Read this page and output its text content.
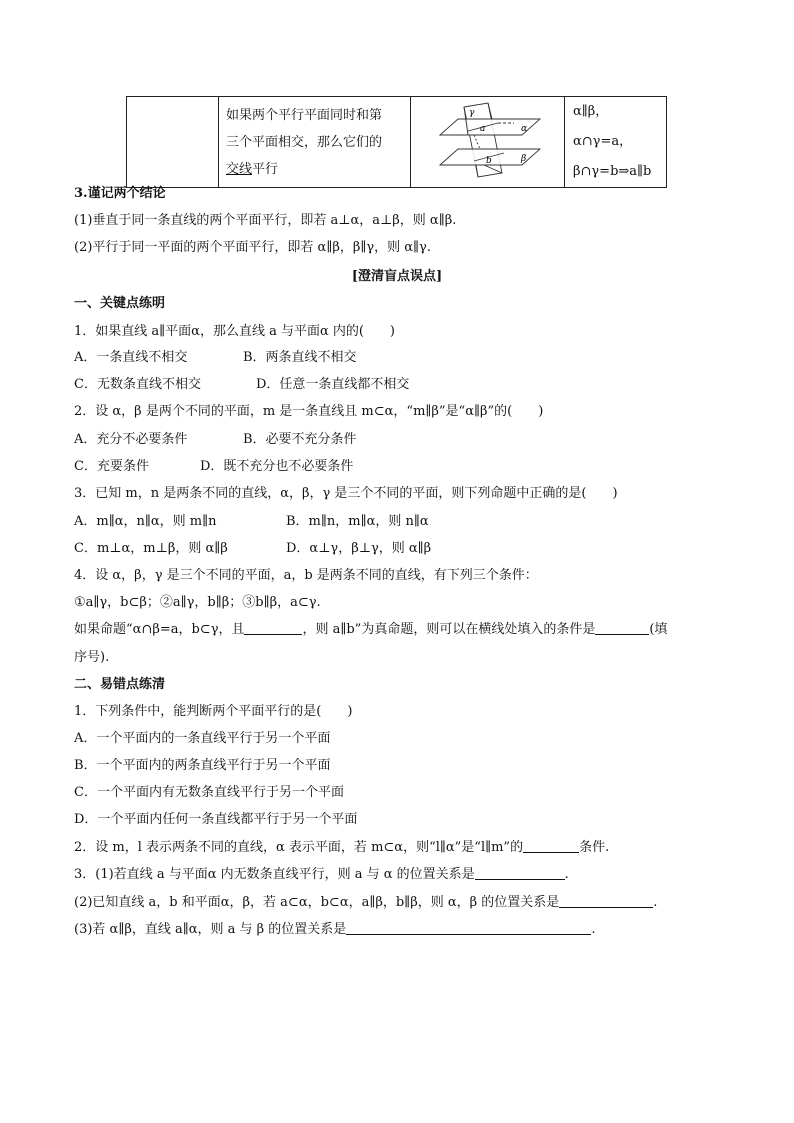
如果两个平行平面同时和第
三个平面相交，那么它们的
交线平行

γ
a	α
b	β

α∥β，α∩γ=a，
β∩γ=b⇒a∥b
3.谨记两个结论
(1)垂直于同一条直线的两个平面平行，即若 a⊥α，a⊥β，则 α∥β.
(2)平行于同一平面的两个平面平行，即若 α∥β，β∥γ，则 α∥γ.
[澄清盲点误点]
一、关键点练明
1．如果直线 a∥平面α，那么直线 a 与平面α 内的(　　)
A．一条直线不相交	B．两条直线不相交
C．无数条直线不相交	D．任意一条直线都不相交
2．设 α，β 是两个不同的平面，m 是一条直线且 m⊂α，“m∥β”是“α∥β”的(　　)
A．充分不必要条件	B．必要不充分条件
C．充要条件	D．既不充分也不必要条件
3．已知 m，n 是两条不同的直线，α，β，γ 是三个不同的平面，则下列命题中正确的是(　　)
A．m∥α，n∥α，则 m∥n	B．m∥n，m∥α，则 n∥α
C．m⊥α，m⊥β，则 α∥β	D．α⊥γ，β⊥γ，则 α∥β
4．设 α，β，γ 是三个不同的平面，a，b 是两条不同的直线，有下列三个条件：
①a∥γ，b⊂β；②a∥γ，b∥β；③b∥β，a⊂γ.
如果命题“α∩β=a，b⊂γ，且	，则 a∥b”为真命题，则可以在横线处填入的条件是	(填
序号).
二、易错点练清
1．下列条件中，能判断两个平面平行的是(　　)
A．一个平面内的一条直线平行于另一个平面
B．一个平面内的两条直线平行于另一个平面
C．一个平面内有无数条直线平行于另一个平面
D．一个平面内任何一条直线都平行于另一个平面
2．设 m，l 表示两条不同的直线，α 表示平面，若 m⊂α，则“l∥α”是“l∥m”的	条件.
3．(1)若直线 a 与平面α 内无数条直线平行，则 a 与 α 的位置关系是	.
(2)已知直线 a，b 和平面α，β，若 a⊂α，b⊂α，a∥β，b∥β，则 α，β 的位置关系是	.
(3)若 α∥β，直线 a∥α，则 a 与 β 的位置关系是	.
